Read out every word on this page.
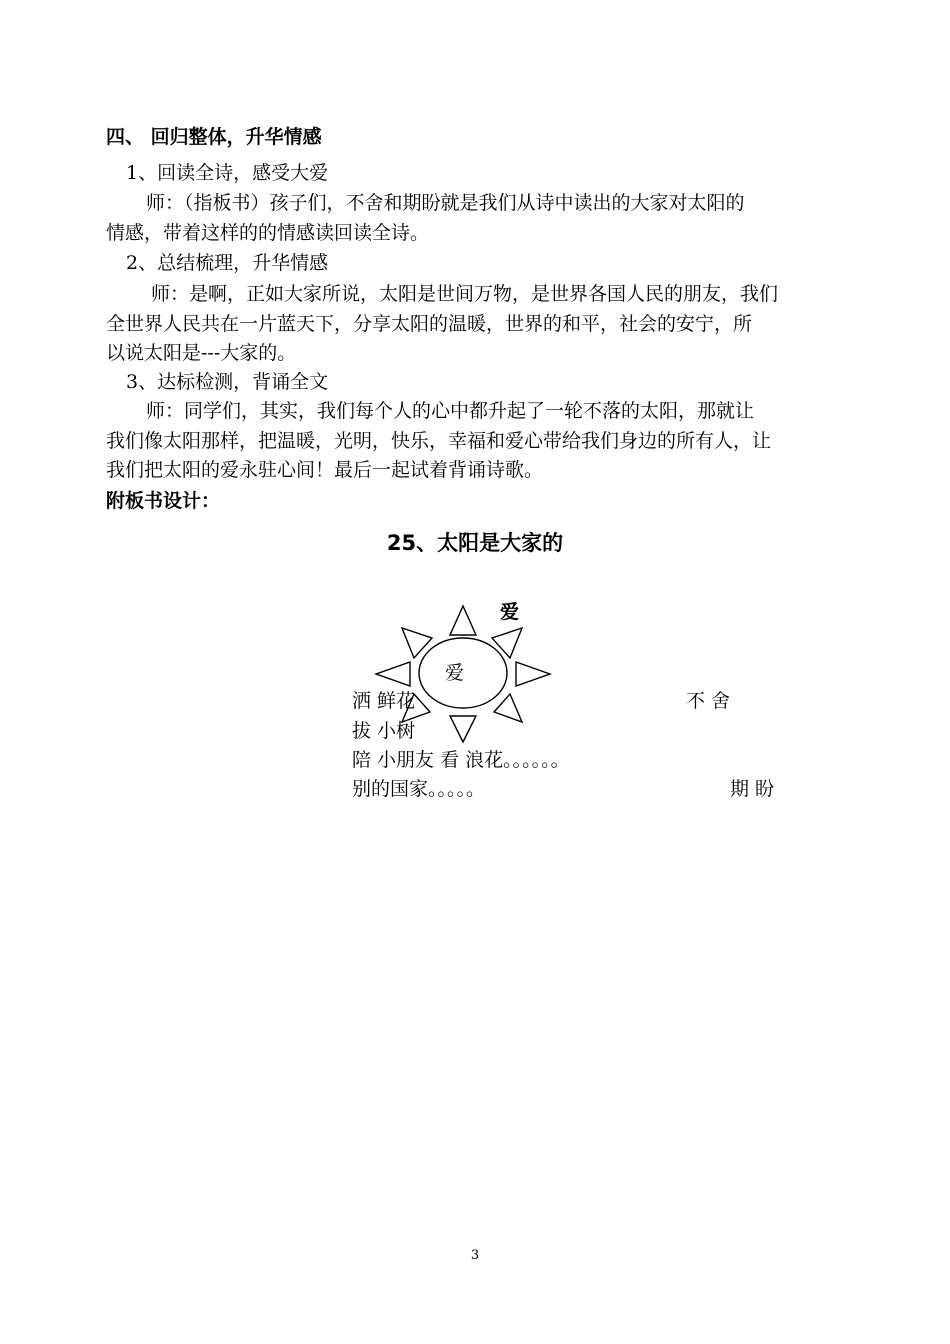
四、 回归整体，升华情感
1、回读全诗，感受大爱
师：（指板书）孩子们，不舍和期盼就是我们从诗中读出的大家对太阳的
情感，带着这样的的情感读回读全诗。
2、总结梳理，升华情感
师：是啊，正如大家所说，太阳是世间万物，是世界各国人民的朋友，我们
全世界人民共在一片蓝天下，分享太阳的温暖，世界的和平，社会的安宁，所
以说太阳是---大家的。
3、达标检测，背诵全文
师：同学们，其实，我们每个人的心中都升起了一轮不落的太阳，那就让
我们像太阳那样，把温暖，光明，快乐，幸福和爱心带给我们身边的所有人，让
我们把太阳的爱永驻心间！最后一起试着背诵诗歌。
附板书设计：
25、太阳是大家的
爱
爱
洒 鲜花	不 舍
拔 小树
陪 小朋友 看 浪花。。。。。。
别的国家。。。。。	期 盼
3
